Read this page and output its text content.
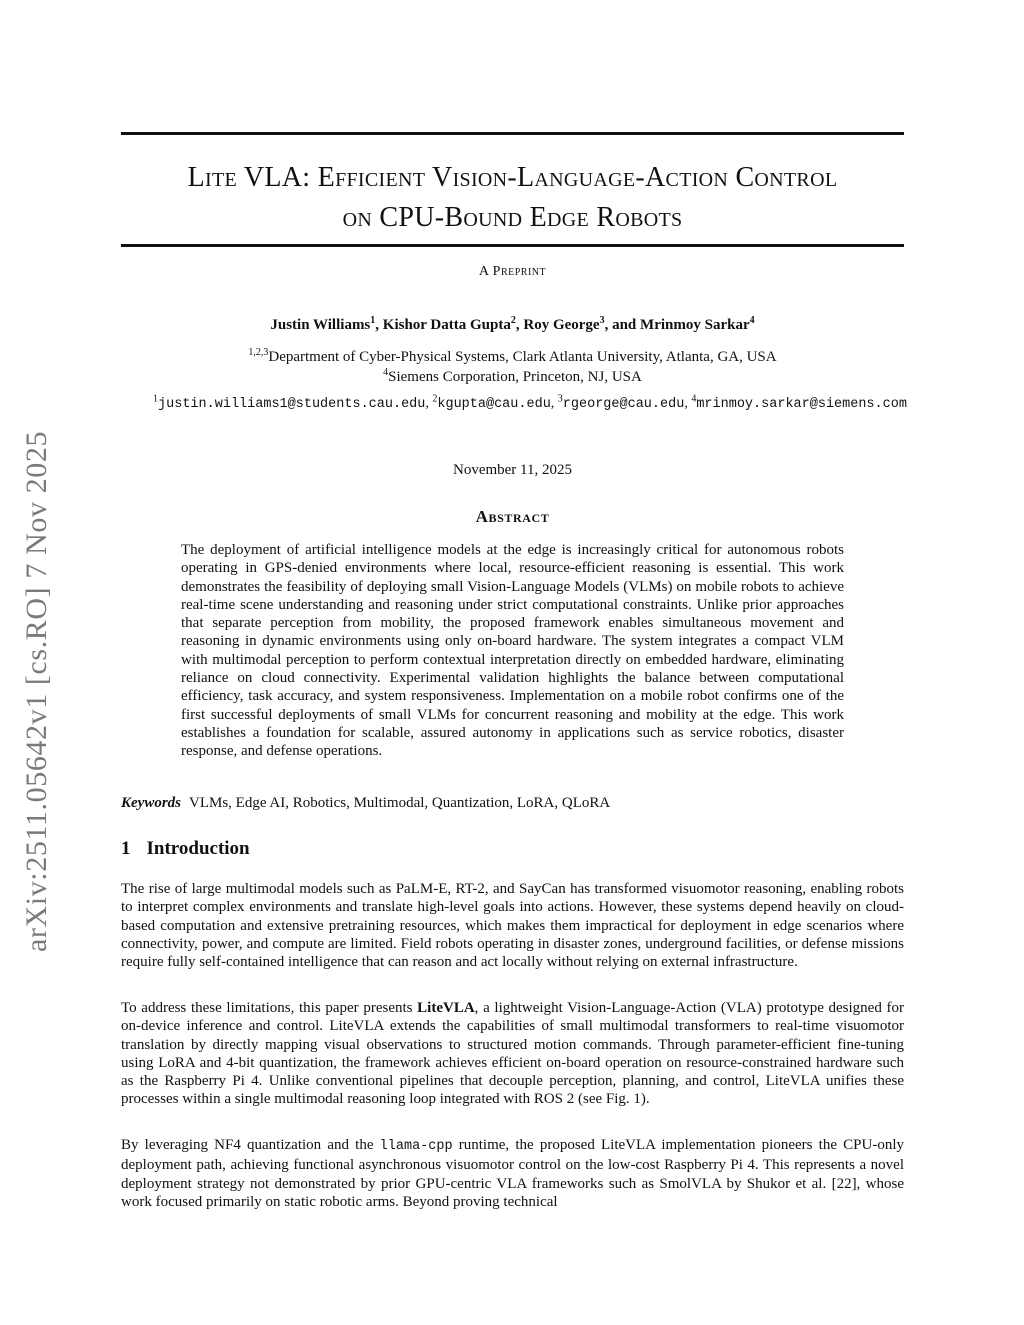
arXiv:2511.05642v1 [cs.RO] 7 Nov 2025
Lite VLA: Efficient Vision-Language-Action Control
on CPU-Bound Edge Robots
A Preprint
Justin Williams$^1$, Kishor Datta Gupta$^2$, Roy George$^3$, and Mrinmoy Sarkar$^4$
$^{1,2,3}$Department of Cyber-Physical Systems, Clark Atlanta University, Atlanta, GA, USA
$^4$Siemens Corporation, Princeton, NJ, USA
$^1$justin.williams1@students.cau.edu, $^2$kgupta@cau.edu, $^3$rgeorge@cau.edu, $^4$mrinmoy.sarkar@siemens.com
November 11, 2025
Abstract
The deployment of artificial intelligence models at the edge is increasingly critical for autonomous robots operating in GPS-denied environments where local, resource-efficient reasoning is essential. This work demonstrates the feasibility of deploying small Vision-Language Models (VLMs) on mobile robots to achieve real-time scene understanding and reasoning under strict computational constraints. Unlike prior approaches that separate perception from mobility, the proposed framework enables simultaneous movement and reasoning in dynamic environments using only on-board hardware. The system integrates a compact VLM with multimodal perception to perform contextual interpretation directly on embedded hardware, eliminating reliance on cloud connectivity. Experimental validation highlights the balance between computational efficiency, task accuracy, and system responsiveness. Implementation on a mobile robot confirms one of the first successful deployments of small VLMs for concurrent reasoning and mobility at the edge. This work establishes a foundation for scalable, assured autonomy in applications such as service robotics, disaster response, and defense operations.
Keywords VLMs, Edge AI, Robotics, Multimodal, Quantization, LoRA, QLoRA
1 Introduction
The rise of large multimodal models such as PaLM-E, RT-2, and SayCan has transformed visuomotor reasoning, enabling robots to interpret complex environments and translate high-level goals into actions. However, these systems depend heavily on cloud-based computation and extensive pretraining resources, which makes them impractical for deployment in edge scenarios where connectivity, power, and compute are limited. Field robots operating in disaster zones, underground facilities, or defense missions require fully self-contained intelligence that can reason and act locally without relying on external infrastructure.
To address these limitations, this paper presents LiteVLA, a lightweight Vision-Language-Action (VLA) prototype designed for on-device inference and control. LiteVLA extends the capabilities of small multimodal transformers to real-time visuomotor translation by directly mapping visual observations to structured motion commands. Through parameter-efficient fine-tuning using LoRA and 4-bit quantization, the framework achieves efficient on-board operation on resource-constrained hardware such as the Raspberry Pi 4. Unlike conventional pipelines that decouple perception, planning, and control, LiteVLA unifies these processes within a single multimodal reasoning loop integrated with ROS 2 (see Fig. 1).
By leveraging NF4 quantization and the llama-cpp runtime, the proposed LiteVLA implementation pioneers the CPU-only deployment path, achieving functional asynchronous visuomotor control on the low-cost Raspberry Pi 4. This represents a novel deployment strategy not demonstrated by prior GPU-centric VLA frameworks such as SmolVLA by Shukor et al. [22], whose work focused primarily on static robotic arms. Beyond proving technical
